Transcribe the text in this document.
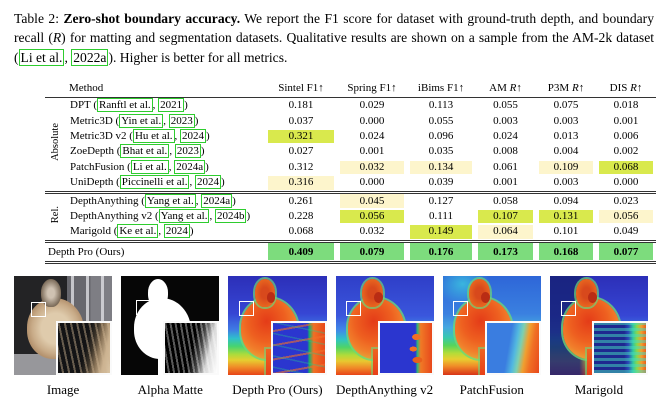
Table 2: Zero-shot boundary accuracy. We report the F1 score for dataset with ground-truth depth, and boundary recall (R) for matting and segmentation datasets. Qualitative results are shown on a sample from the AM-2k dataset ( Li et al. , 2022a ). Higher is better for all metrics.
	Method	Sintel F1↑	Spring F1↑	iBims F1↑	AM R↑	P3M R↑	DIS R↑
Absolute	DPT ( Ranftl et al. , 2021 )	0.181	0.029	0.113	0.055	0.075	0.018
	Metric3D ( Yin et al. , 2023 )	0.037	0.000	0.055	0.003	0.003	0.001
	Metric3D v2 ( Hu et al. , 2024 )	0.321	0.024	0.096	0.024	0.013	0.006
	ZoeDepth ( Bhat et al. , 2023 )	0.027	0.001	0.035	0.008	0.004	0.002
	PatchFusion ( Li et al. , 2024a )	0.312	0.032	0.134	0.061	0.109	0.068
	UniDepth ( Piccinelli et al. , 2024 )	0.316	0.000	0.039	0.001	0.003	0.000
Rel.	DepthAnything ( Yang et al. , 2024a )	0.261	0.045	0.127	0.058	0.094	0.023
	DepthAnything v2 ( Yang et al. , 2024b )	0.228	0.056	0.111	0.107	0.131	0.056
	Marigold ( Ke et al. , 2024 )	0.068	0.032	0.149	0.064	0.101	0.049
Depth Pro (Ours)		0.409	0.079	0.176	0.173	0.168	0.077
Image	Alpha Matte	Depth Pro (Ours)	DepthAnything v2	PatchFusion	Marigold
